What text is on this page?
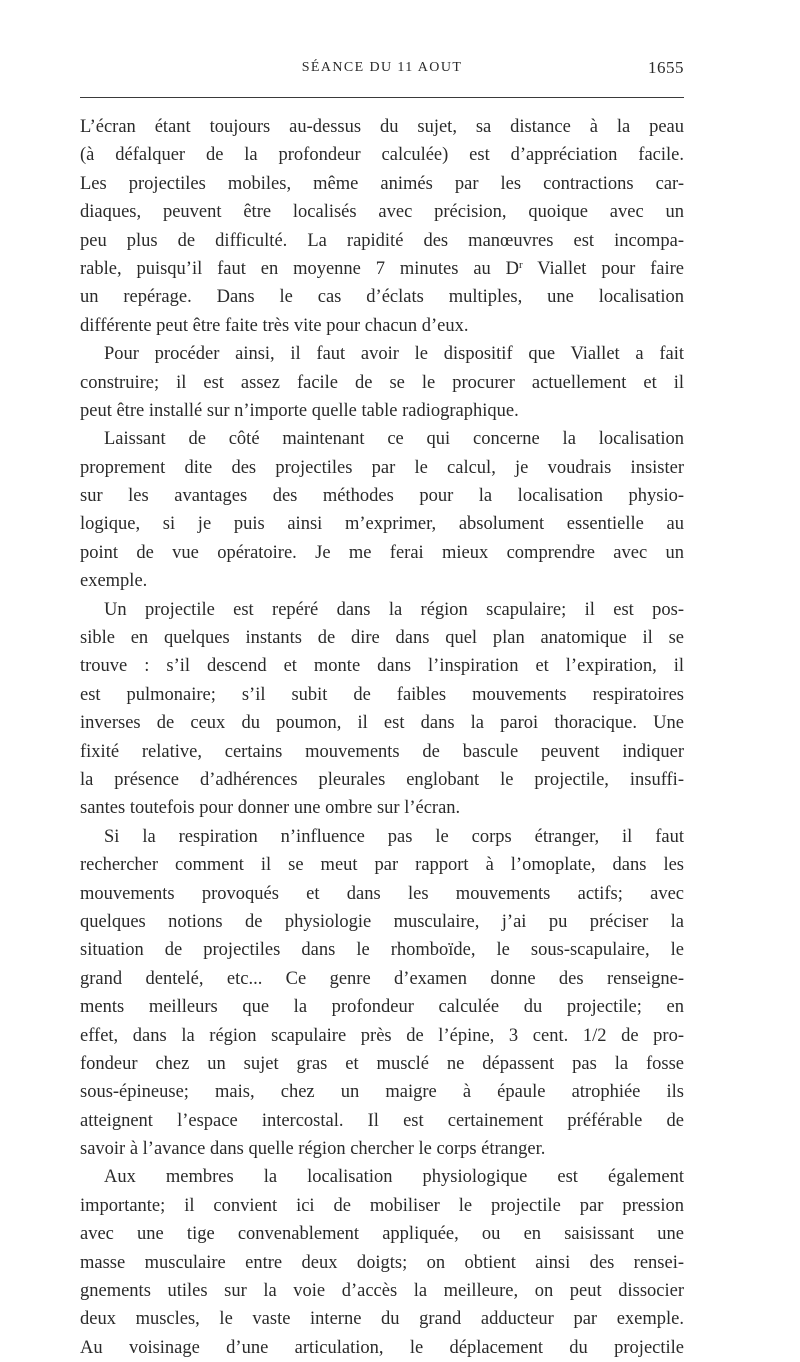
SÉANCE DU 11 AOUT	1655
L’écran étant toujours au-dessus du sujet, sa distance à la peau
(à défalquer de la profondeur calculée) est d’appréciation facile.
Les projectiles mobiles, même animés par les contractions car-
diaques, peuvent être localisés avec précision, quoique avec un
peu plus de difficulté. La rapidité des manœuvres est incompa-
rable, puisqu’il faut en moyenne 7 minutes au $D^r$ Viallet pour faire
un repérage. Dans le cas d’éclats multiples, une localisation
différente peut être faite très vite pour chacun d’eux.
Pour procéder ainsi, il faut avoir le dispositif que Viallet a fait
construire; il est assez facile de se le procurer actuellement et il
peut être installé sur n’importe quelle table radiographique.
Laissant de côté maintenant ce qui concerne la localisation
proprement dite des projectiles par le calcul, je voudrais insister
sur les avantages des méthodes pour la localisation physio-
logique, si je puis ainsi m’exprimer, absolument essentielle au
point de vue opératoire. Je me ferai mieux comprendre avec un
exemple.
Un projectile est repéré dans la région scapulaire; il est pos-
sible en quelques instants de dire dans quel plan anatomique il se
trouve : s’il descend et monte dans l’inspiration et l’expiration, il
est pulmonaire; s’il subit de faibles mouvements respiratoires
inverses de ceux du poumon, il est dans la paroi thoracique. Une
fixité relative, certains mouvements de bascule peuvent indiquer
la présence d’adhérences pleurales englobant le projectile, insuffi-
santes toutefois pour donner une ombre sur l’écran.
Si la respiration n’influence pas le corps étranger, il faut
rechercher comment il se meut par rapport à l’omoplate, dans les
mouvements provoqués et dans les mouvements actifs; avec
quelques notions de physiologie musculaire, j’ai pu préciser la
situation de projectiles dans le rhomboïde, le sous-scapulaire, le
grand dentelé, etc... Ce genre d’examen donne des renseigne-
ments meilleurs que la profondeur calculée du projectile; en
effet, dans la région scapulaire près de l’épine, 3 cent. 1/2 de pro-
fondeur chez un sujet gras et musclé ne dépassent pas la fosse
sous-épineuse; mais, chez un maigre à épaule atrophiée ils
atteignent l’espace intercostal. Il est certainement préférable de
savoir à l’avance dans quelle région chercher le corps étranger.
Aux membres la localisation physiologique est également
importante; il convient ici de mobiliser le projectile par pression
avec une tige convenablement appliquée, ou en saisissant une
masse musculaire entre deux doigts; on obtient ainsi des rensei-
gnements utiles sur la voie d’accès la meilleure, on peut dissocier
deux muscles, le vaste interne du grand adducteur par exemple.
Au voisinage d’une articulation, le déplacement du projectile
